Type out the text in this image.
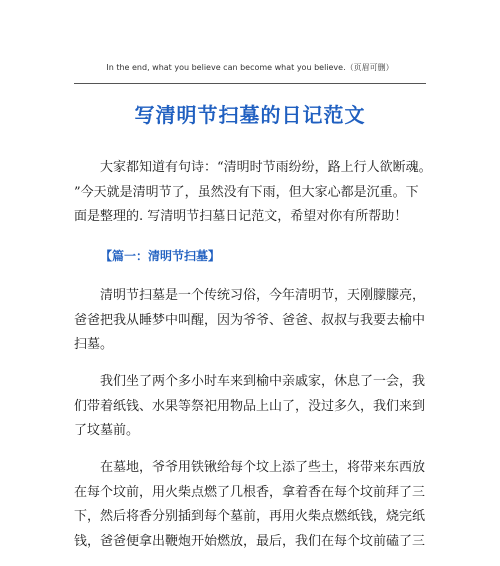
In the end, what you believe can become what you believe.（页眉可删）
写清明节扫墓的日记范文

大家都知道有句诗：“清明时节雨纷纷，路上行人欲断魂。
”今天就是清明节了，虽然没有下雨，但大家心都是沉重。下
面是整理的. 写清明节扫墓日记范文，希望对你有所帮助！

【篇一：清明节扫墓】

清明节扫墓是一个传统习俗，今年清明节，天刚朦朦亮，
爸爸把我从睡梦中叫醒，因为爷爷、爸爸、叔叔与我要去榆中
扫墓。

我们坐了两个多小时车来到榆中亲戚家，休息了一会，我
们带着纸钱、水果等祭祀用物品上山了，没过多久，我们来到
了坟墓前。

在墓地，爷爷用铁锹给每个坟上添了些土，将带来东西放
在每个坟前，用火柴点燃了几根香，拿着香在每个坟前拜了三
下，然后将香分别插到每个墓前，再用火柴点燃纸钱，烧完纸
钱，爸爸便拿出鞭炮开始燃放，最后，我们在每个坟前磕了三
